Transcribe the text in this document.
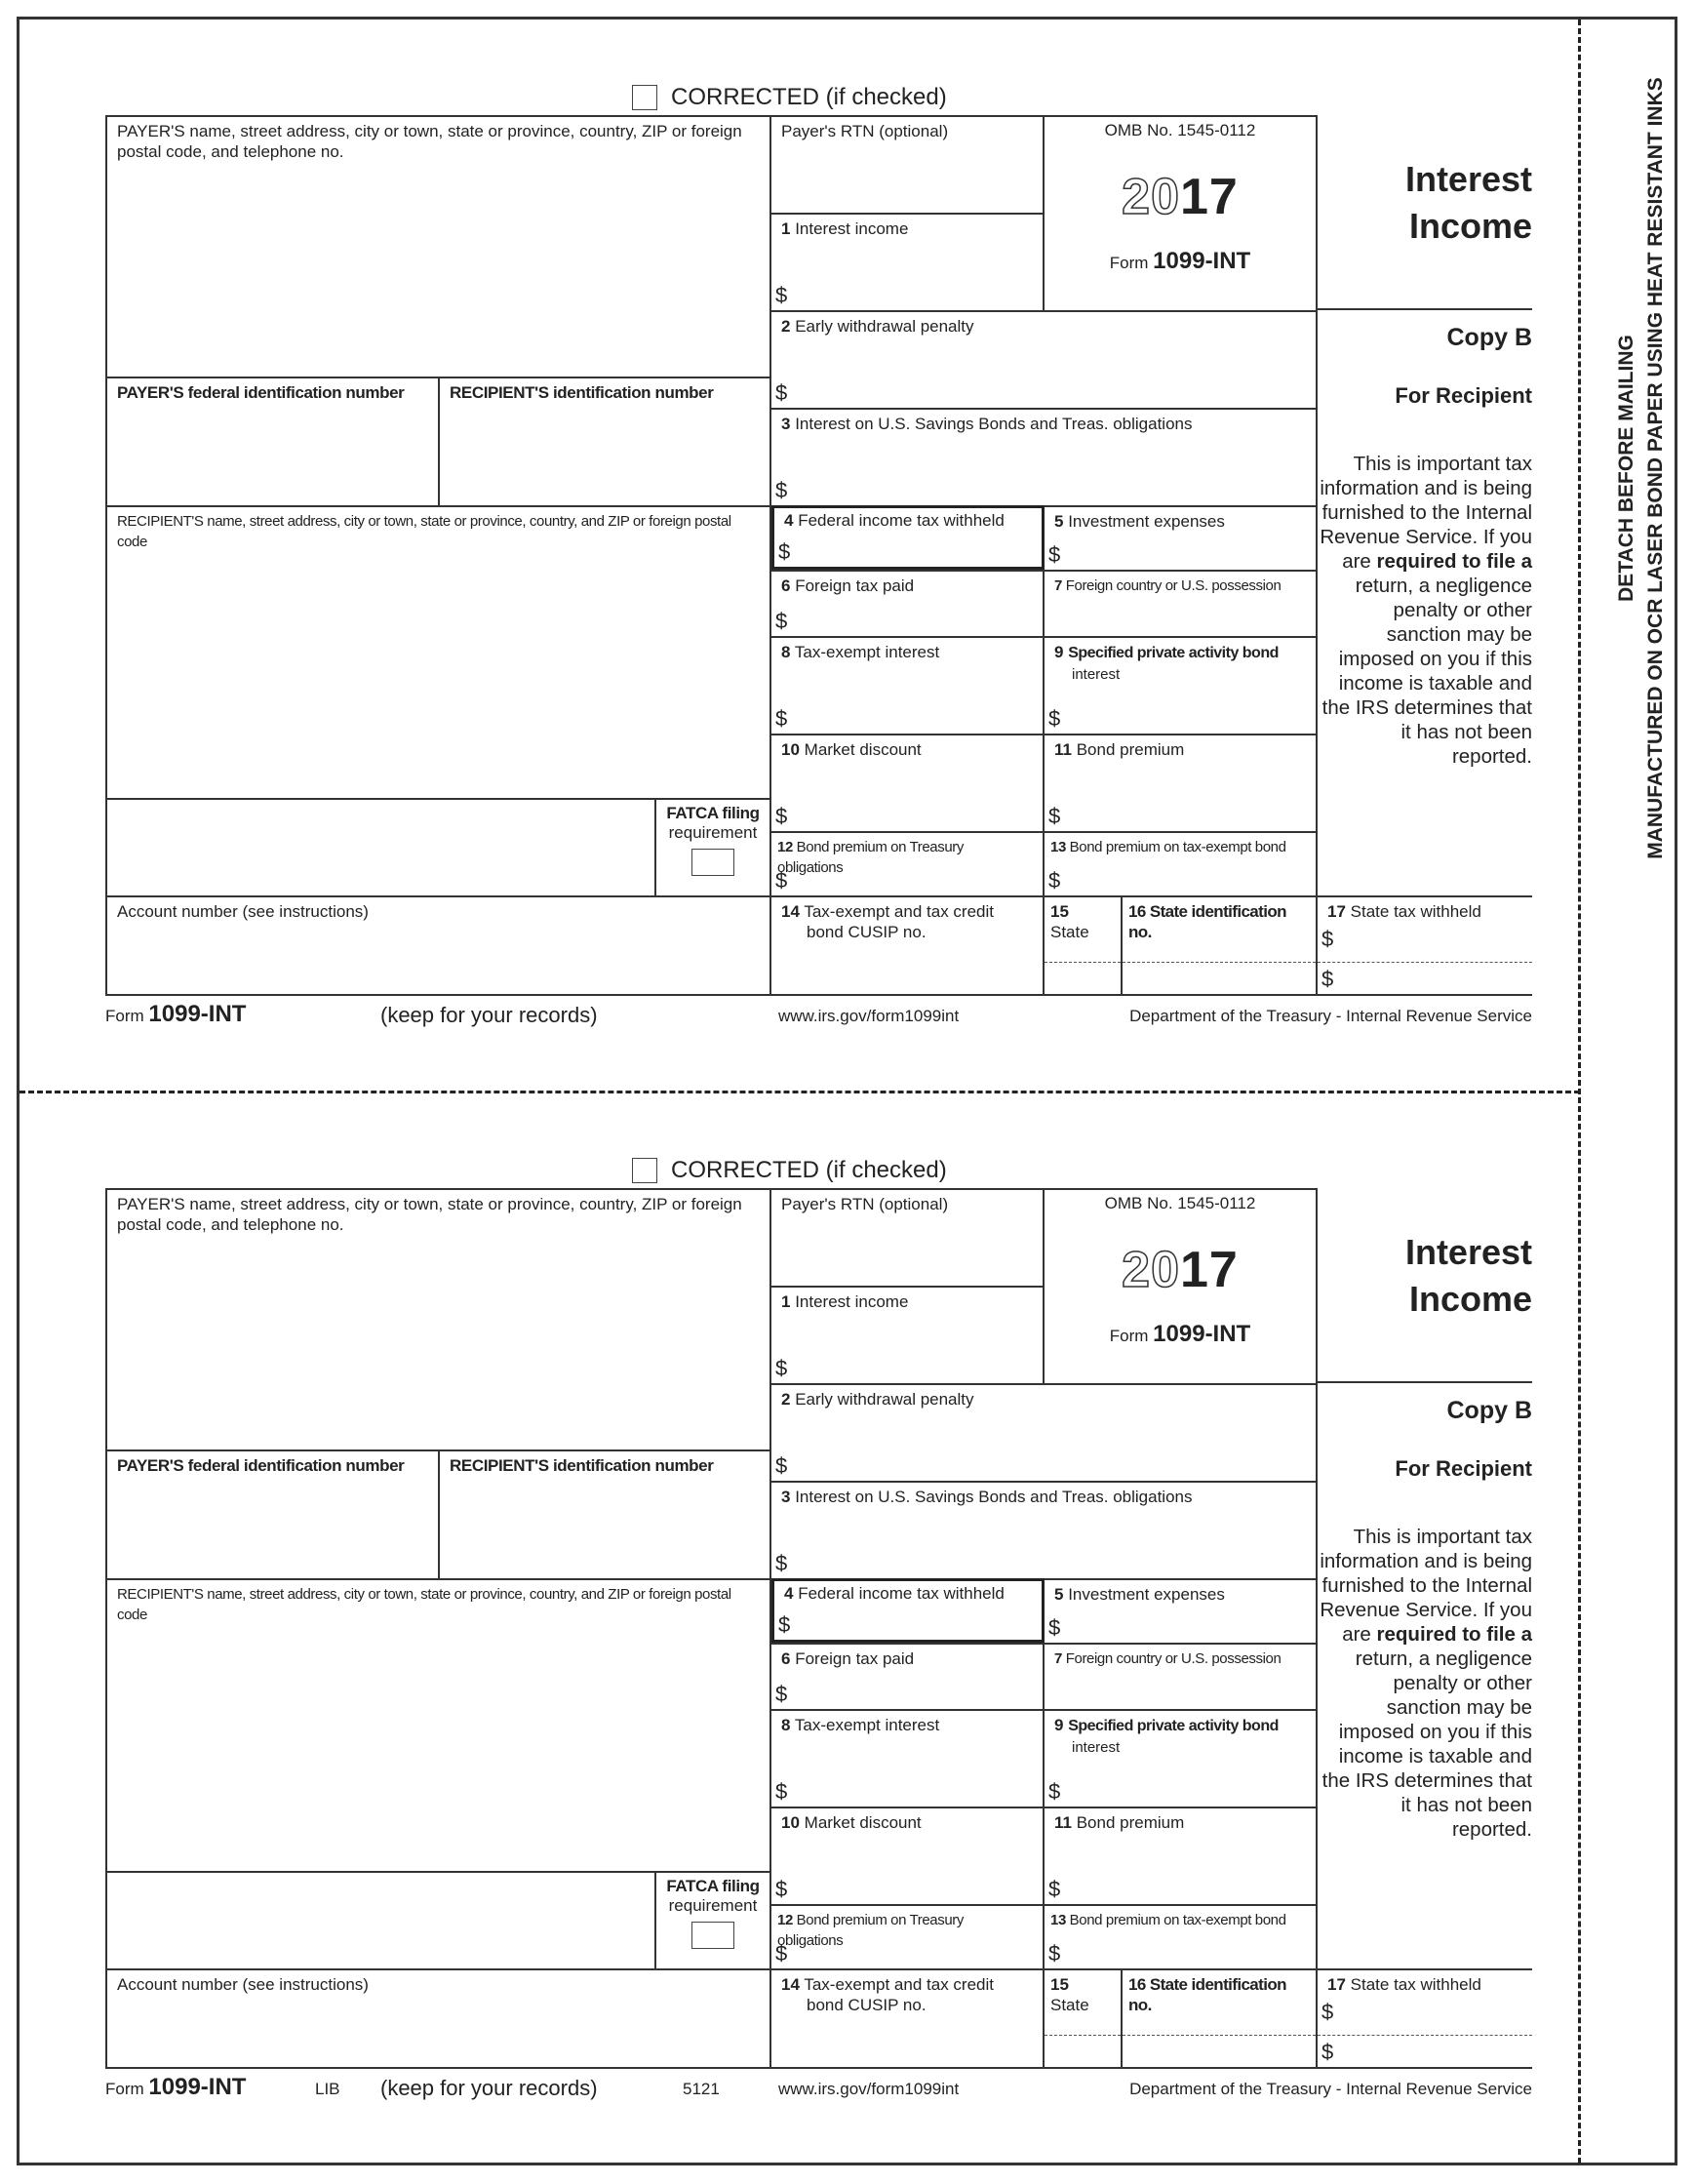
DETACH BEFORE MAILING MANUFACTURED ON OCR LASER BOND PAPER USING HEAT RESISTANT INKS
CORRECTED (if checked)
PAYER'S name, street address, city or town, state or province, country, ZIP or foreign postal code, and telephone no.
PAYER'S federal identification number	RECIPIENT'S identification number
RECIPIENT'S name, street address, city or town, state or province, country, and ZIP or foreign postal code
FATCA filing
requirement
Account number (see instructions)
Payer's RTN (optional)
1 Interest income
$
OMB No. 1545-0112
2017
Form 1099-INT
2 Early withdrawal penalty
$
3 Interest on U.S. Savings Bonds and Treas. obligations
$
4 Federal income tax withheld
$
5 Investment expenses
$
6 Foreign tax paid
$
7 Foreign country or U.S. possession
8 Tax-exempt interest
$
9 Specified private activity bond
interest
$
10 Market discount
$
11 Bond premium
$
12 Bond premium on Treasury obligations
$
13 Bond premium on tax-exempt bond
$
14 Tax-exempt and tax credit
bond CUSIP no.
15 State
16 State identification no.
17 State tax withheld
$
$
Interest
Income
Copy B
For Recipient
This is important tax information and is being furnished to the Internal Revenue Service. If you are required to file a return, a negligence penalty or other sanction may be imposed on you if this income is taxable and the IRS determines that it has not been reported.
Form 1099-INT	(keep for your records)	www.irs.gov/form1099int	Department of the Treasury - Internal Revenue Service
CORRECTED (if checked)
PAYER'S name, street address, city or town, state or province, country, ZIP or foreign postal code, and telephone no.
PAYER'S federal identification number	RECIPIENT'S identification number
RECIPIENT'S name, street address, city or town, state or province, country, and ZIP or foreign postal code
FATCA filing
requirement
Account number (see instructions)
Payer's RTN (optional)
1 Interest income
$
OMB No. 1545-0112
2017
Form 1099-INT
2 Early withdrawal penalty
$
3 Interest on U.S. Savings Bonds and Treas. obligations
$
4 Federal income tax withheld
$
5 Investment expenses
$
6 Foreign tax paid
$
7 Foreign country or U.S. possession
8 Tax-exempt interest
$
9 Specified private activity bond
interest
$
10 Market discount
$
11 Bond premium
$
12 Bond premium on Treasury obligations
$
13 Bond premium on tax-exempt bond
$
14 Tax-exempt and tax credit
bond CUSIP no.
15 State
16 State identification no.
17 State tax withheld
$
$
Interest
Income
Copy B
For Recipient
This is important tax information and is being furnished to the Internal Revenue Service. If you are required to file a return, a negligence penalty or other sanction may be imposed on you if this income is taxable and the IRS determines that it has not been reported.
Form 1099-INT	LIB (keep for your records)	5121	www.irs.gov/form1099int	Department of the Treasury - Internal Revenue Service
